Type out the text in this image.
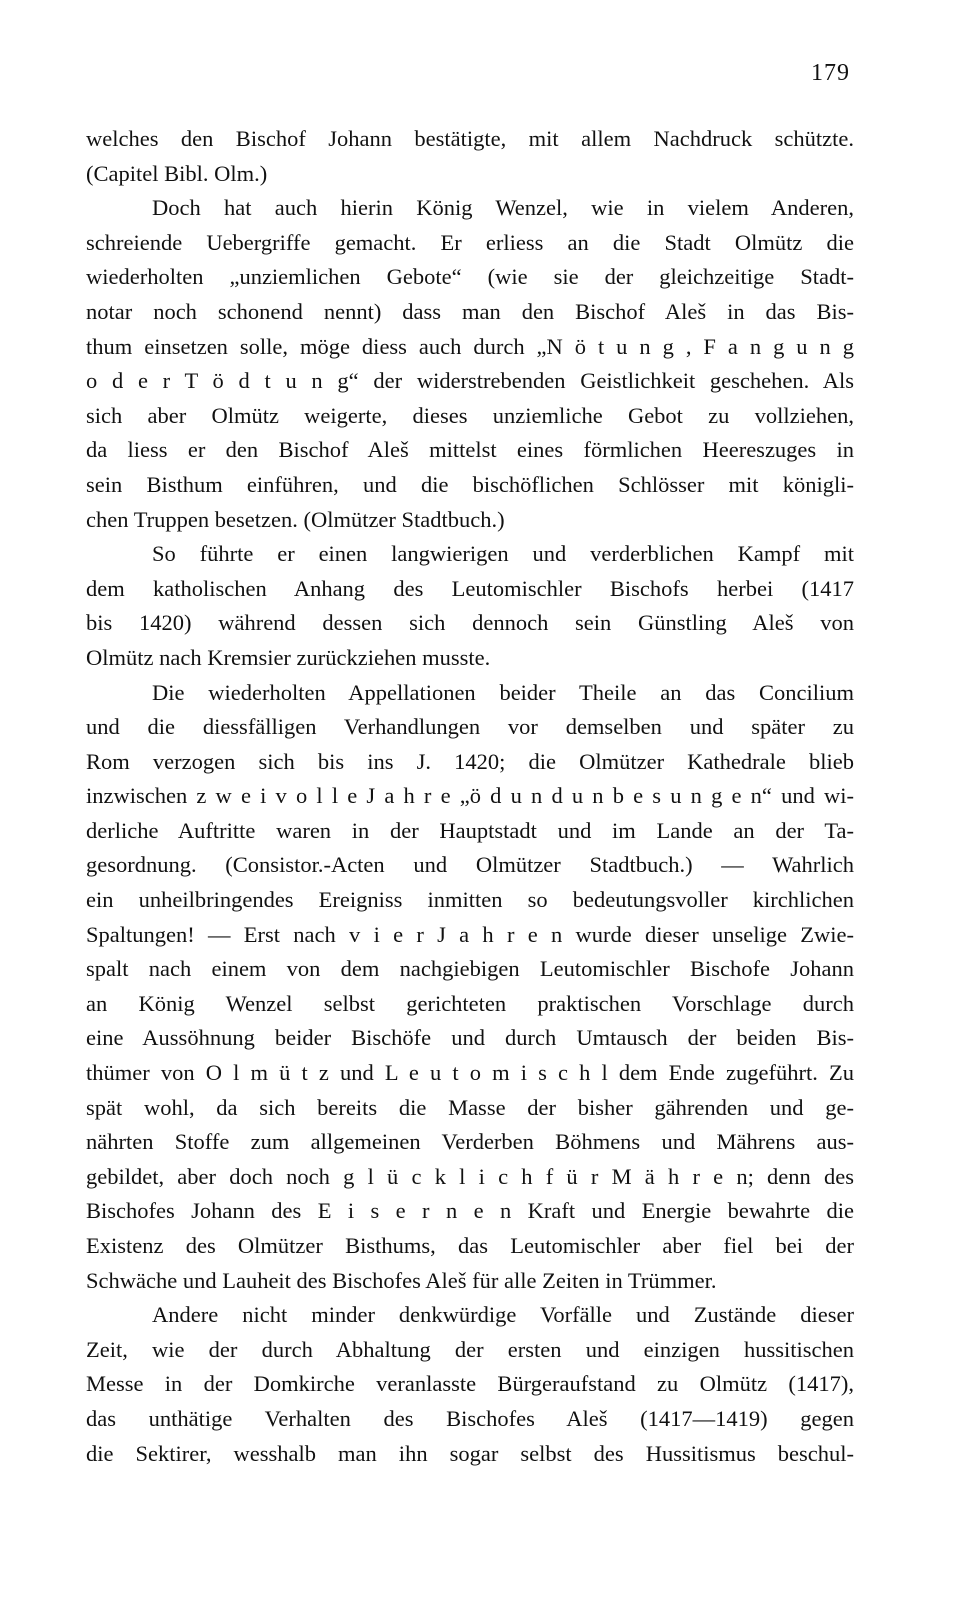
179
welches den Bischof Johann bestätigte, mit allem Nachdruck schützte.
(Capitel Bibl. Olm.)
Doch hat auch hierin König Wenzel, wie in vielem Anderen,
schreiende Uebergriffe gemacht. Er erliess an die Stadt Olmütz die
wiederholten „unziemlichen Gebote“ (wie sie der gleichzeitige Stadt-
notar noch schonend nennt) dass man den Bischof Aleš in das Bis-
thum einsetzen solle, möge diess auch durch „N ö t u n g , F a n g u n g
o d e r T ö d t u n g“ der widerstrebenden Geistlichkeit geschehen. Als
sich aber Olmütz weigerte, dieses unziemliche Gebot zu vollziehen,
da liess er den Bischof Aleš mittelst eines förmlichen Heereszuges in
sein Bisthum einführen, und die bischöflichen Schlösser mit königli-
chen Truppen besetzen. (Olmützer Stadtbuch.)
So führte er einen langwierigen und verderblichen Kampf mit
dem katholischen Anhang des Leutomischler Bischofs herbei (1417
bis 1420) während dessen sich dennoch sein Günstling Aleš von
Olmütz nach Kremsier zurückziehen musste.
Die wiederholten Appellationen beider Theile an das Concilium
und die diessfälligen Verhandlungen vor demselben und später zu
Rom verzogen sich bis ins J. 1420; die Olmützer Kathedrale blieb
inzwischen z w e i v o l l e J a h r e „ö d u n d u n b e s u n g e n“ und wi-
derliche Auftritte waren in der Hauptstadt und im Lande an der Ta-
gesordnung. (Consistor.-Acten und Olmützer Stadtbuch.) — Wahrlich
ein unheilbringendes Ereigniss inmitten so bedeutungsvoller kirchlichen
Spaltungen! — Erst nach v i e r J a h r e n wurde dieser unselige Zwie-
spalt nach einem von dem nachgiebigen Leutomischler Bischofe Johann
an König Wenzel selbst gerichteten praktischen Vorschlage durch
eine Aussöhnung beider Bischöfe und durch Umtausch der beiden Bis-
thümer von O l m ü t z und L e u t o m i s c h l dem Ende zugeführt. Zu
spät wohl, da sich bereits die Masse der bisher gährenden und ge-
nährten Stoffe zum allgemeinen Verderben Böhmens und Mährens aus-
gebildet, aber doch noch g l ü c k l i c h f ü r M ä h r e n; denn des
Bischofes Johann des E i s e r n e n Kraft und Energie bewahrte die
Existenz des Olmützer Bisthums, das Leutomischler aber fiel bei der
Schwäche und Lauheit des Bischofes Aleš für alle Zeiten in Trümmer.
Andere nicht minder denkwürdige Vorfälle und Zustände dieser
Zeit, wie der durch Abhaltung der ersten und einzigen hussitischen
Messe in der Domkirche veranlasste Bürgeraufstand zu Olmütz (1417),
das unthätige Verhalten des Bischofes Aleš (1417—1419) gegen
die Sektirer, wesshalb man ihn sogar selbst des Hussitismus beschul-
